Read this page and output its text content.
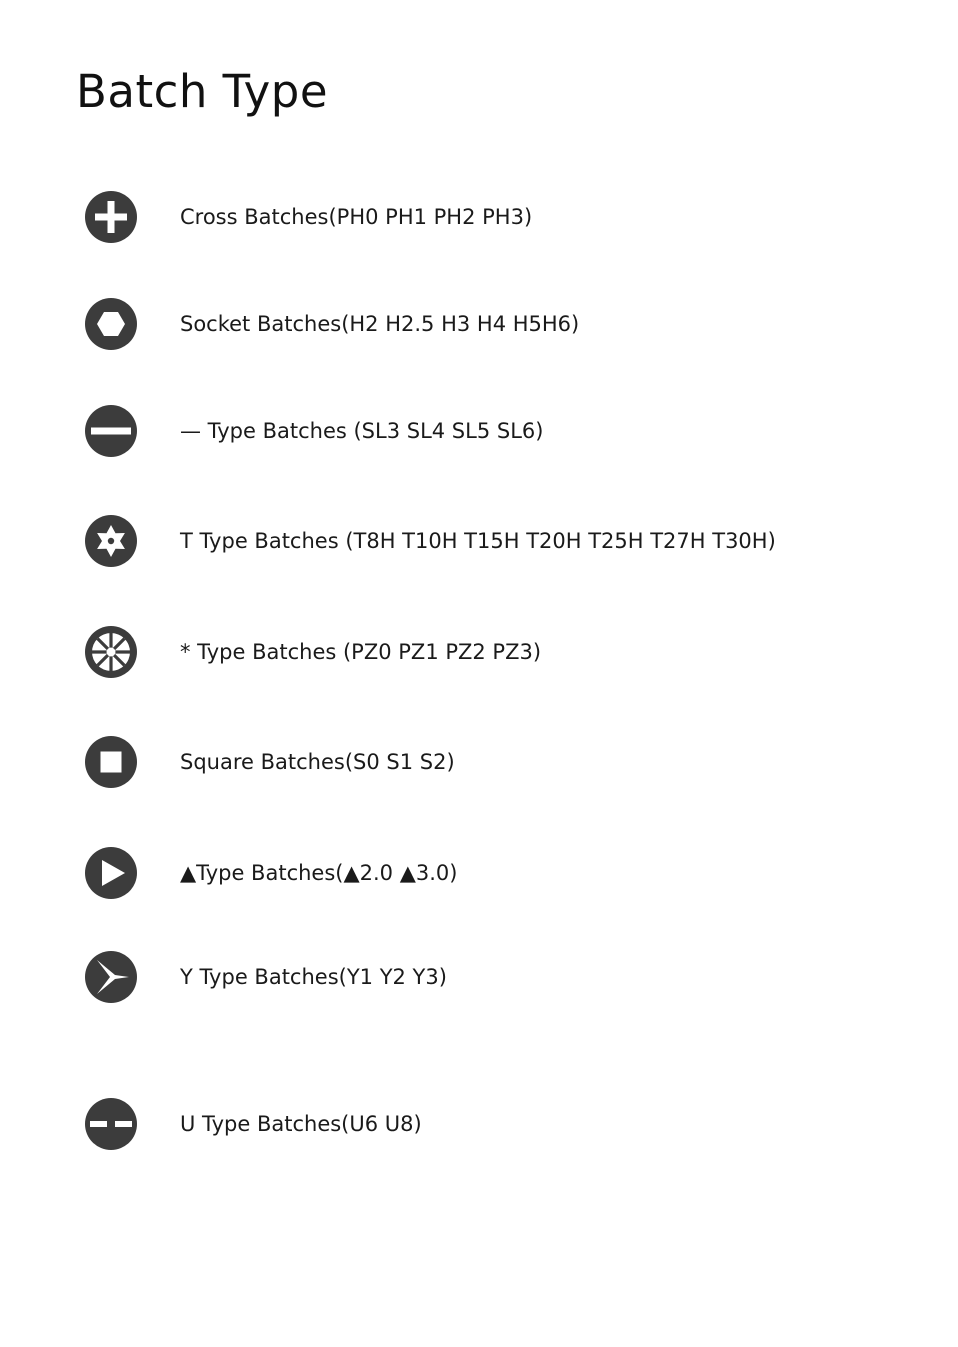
Batch Type
Cross Batches(PH0 PH1 PH2 PH3)
Socket Batches(H2 H2.5 H3 H4 H5H6)
— Type Batches (SL3 SL4 SL5 SL6)
T Type Batches (T8H T10H T15H T20H T25H T27H T30H)
* Type Batches (PZ0 PZ1 PZ2 PZ3)
Square Batches(S0 S1 S2)
▲Type Batches(▲2.0 ▲3.0)
Y Type Batches(Y1 Y2 Y3)
U Type Batches(U6 U8)
